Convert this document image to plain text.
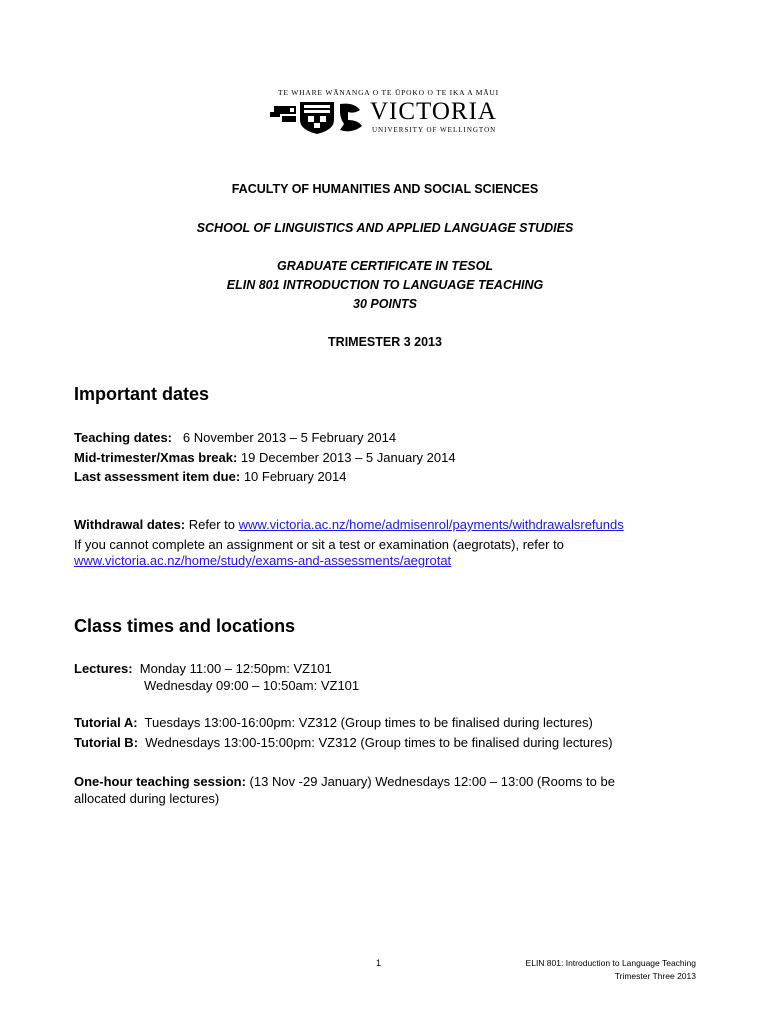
TE WHARE WĀNANGA O TE ŪPOKO O TE IKA A MĀUI
VICTORIA
UNIVERSITY OF WELLINGTON
FACULTY OF HUMANITIES AND SOCIAL SCIENCES
SCHOOL OF LINGUISTICS AND APPLIED LANGUAGE STUDIES
GRADUATE CERTIFICATE IN TESOL
ELIN 801 INTRODUCTION TO LANGUAGE TEACHING
30 POINTS
TRIMESTER 3 2013
Important dates
Teaching dates: 6 November 2013 – 5 February 2014
Mid-trimester/Xmas break: 19 December 2013 – 5 January 2014
Last assessment item due: 10 February 2014
Withdrawal dates: Refer to www.victoria.ac.nz/home/admisenrol/payments/withdrawalsrefunds
If you cannot complete an assignment or sit a test or examination (aegrotats), refer to
www.victoria.ac.nz/home/study/exams-and-assessments/aegrotat
Class times and locations
Lectures: Monday 11:00 – 12:50pm: VZ101
Wednesday 09:00 – 10:50am: VZ101
Tutorial A: Tuesdays 13:00-16:00pm: VZ312 (Group times to be finalised during lectures)
Tutorial B: Wednesdays 13:00-15:00pm: VZ312 (Group times to be finalised during lectures)
One-hour teaching session: (13 Nov -29 January) Wednesdays 12:00 – 13:00 (Rooms to be
allocated during lectures)
1	ELIN 801: Introduction to Language Teaching
Trimester Three 2013
